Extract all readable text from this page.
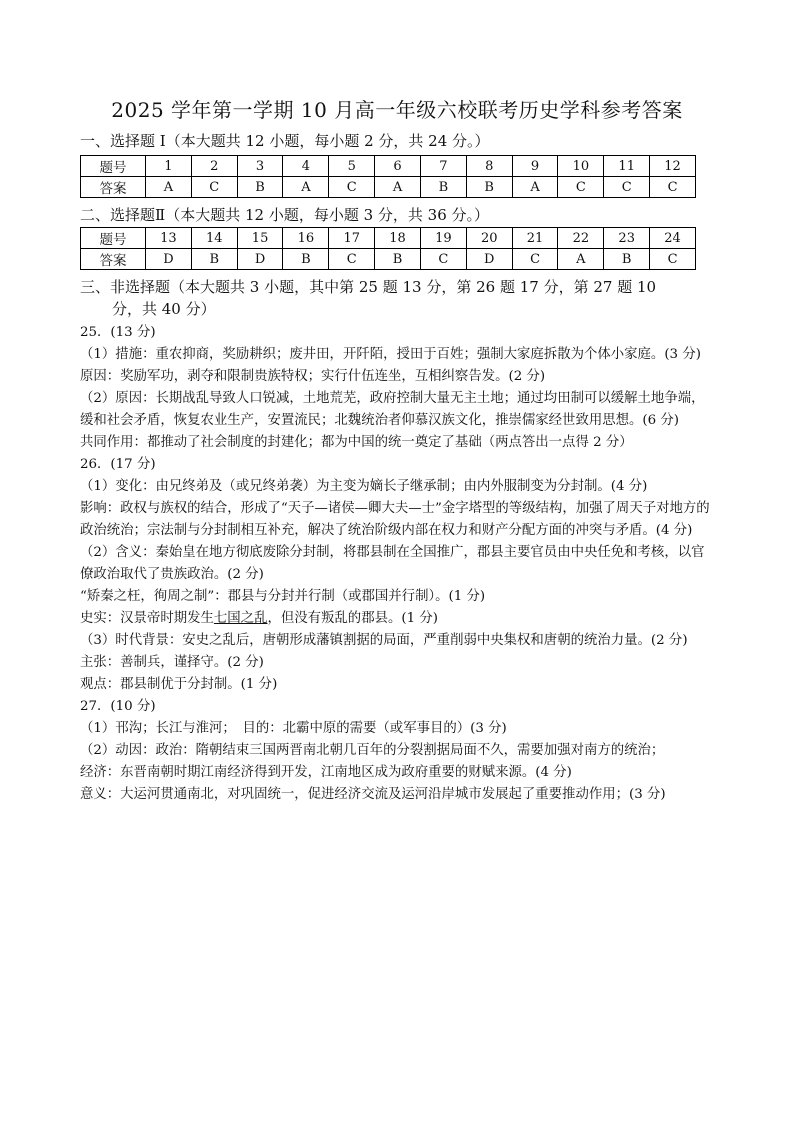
2025 学年第一学期 10 月高一年级六校联考历史学科参考答案
一、选择题 I（本大题共 12 小题，每小题 2 分，共 24 分。）
题号	1	2	3	4	5	6	7	8	9	10	11	12
答案	A	C	B	A	C	A	B	B	A	C	C	C
二、选择题Ⅱ（本大题共 12 小题，每小题 3 分，共 36 分。）
题号	13	14	15	16	17	18	19	20	21	22	23	24
答案	D	B	D	B	C	B	C	D	C	A	B	C
三、非选择题（本大题共 3 小题，其中第 25 题 13 分，第 26 题 17 分，第 27 题 10
分，共 40 分）

25．(13 分)

（1）措施：重农抑商，奖励耕织；废井田，开阡陌，授田于百姓；强制大家庭拆散为个体小家庭。(3 分)

原因：奖励军功，剥夺和限制贵族特权；实行什伍连坐，互相纠察告发。(2 分)

（2）原因：长期战乱导致人口锐减，土地荒芜，政府控制大量无主土地；通过均田制可以缓解土地争端，缓和社会矛盾，恢复农业生产，安置流民；北魏统治者仰慕汉族文化，推崇儒家经世致用思想。(6 分)

共同作用：都推动了社会制度的封建化；都为中国的统一奠定了基础（两点答出一点得 2 分）

26．(17 分)

（1）变化：由兄终弟及（或兄终弟袭）为主变为嫡长子继承制；由内外服制变为分封制。(4 分)

影响：政权与族权的结合，形成了“天子—诸侯—卿大夫—士”金字塔型的等级结构，加强了周天子对地方的政治统治；宗法制与分封制相互补充，解决了统治阶级内部在权力和财产分配方面的冲突与矛盾。(4 分)

（2）含义：秦始皇在地方彻底废除分封制，将郡县制在全国推广，郡县主要官员由中央任免和考核，以官僚政治取代了贵族政治。(2 分)

“矫秦之枉，徇周之制”：郡县与分封并行制（或郡国并行制）。(1 分)

史实：汉景帝时期发生七国之乱，但没有叛乱的郡县。(1 分)

（3）时代背景：安史之乱后，唐朝形成藩镇割据的局面，严重削弱中央集权和唐朝的统治力量。(2 分)

主张：善制兵，谨择守。(2 分)

观点：郡县制优于分封制。(1 分)

27．(10 分)

（1）邗沟；长江与淮河；　目的：北霸中原的需要（或军事目的）(3 分)

（2）动因：政治：隋朝结束三国两晋南北朝几百年的分裂割据局面不久，需要加强对南方的统治；

经济：东晋南朝时期江南经济得到开发，江南地区成为政府重要的财赋来源。(4 分)

意义：大运河贯通南北，对巩固统一，促进经济交流及运河沿岸城市发展起了重要推动作用；(3 分)
